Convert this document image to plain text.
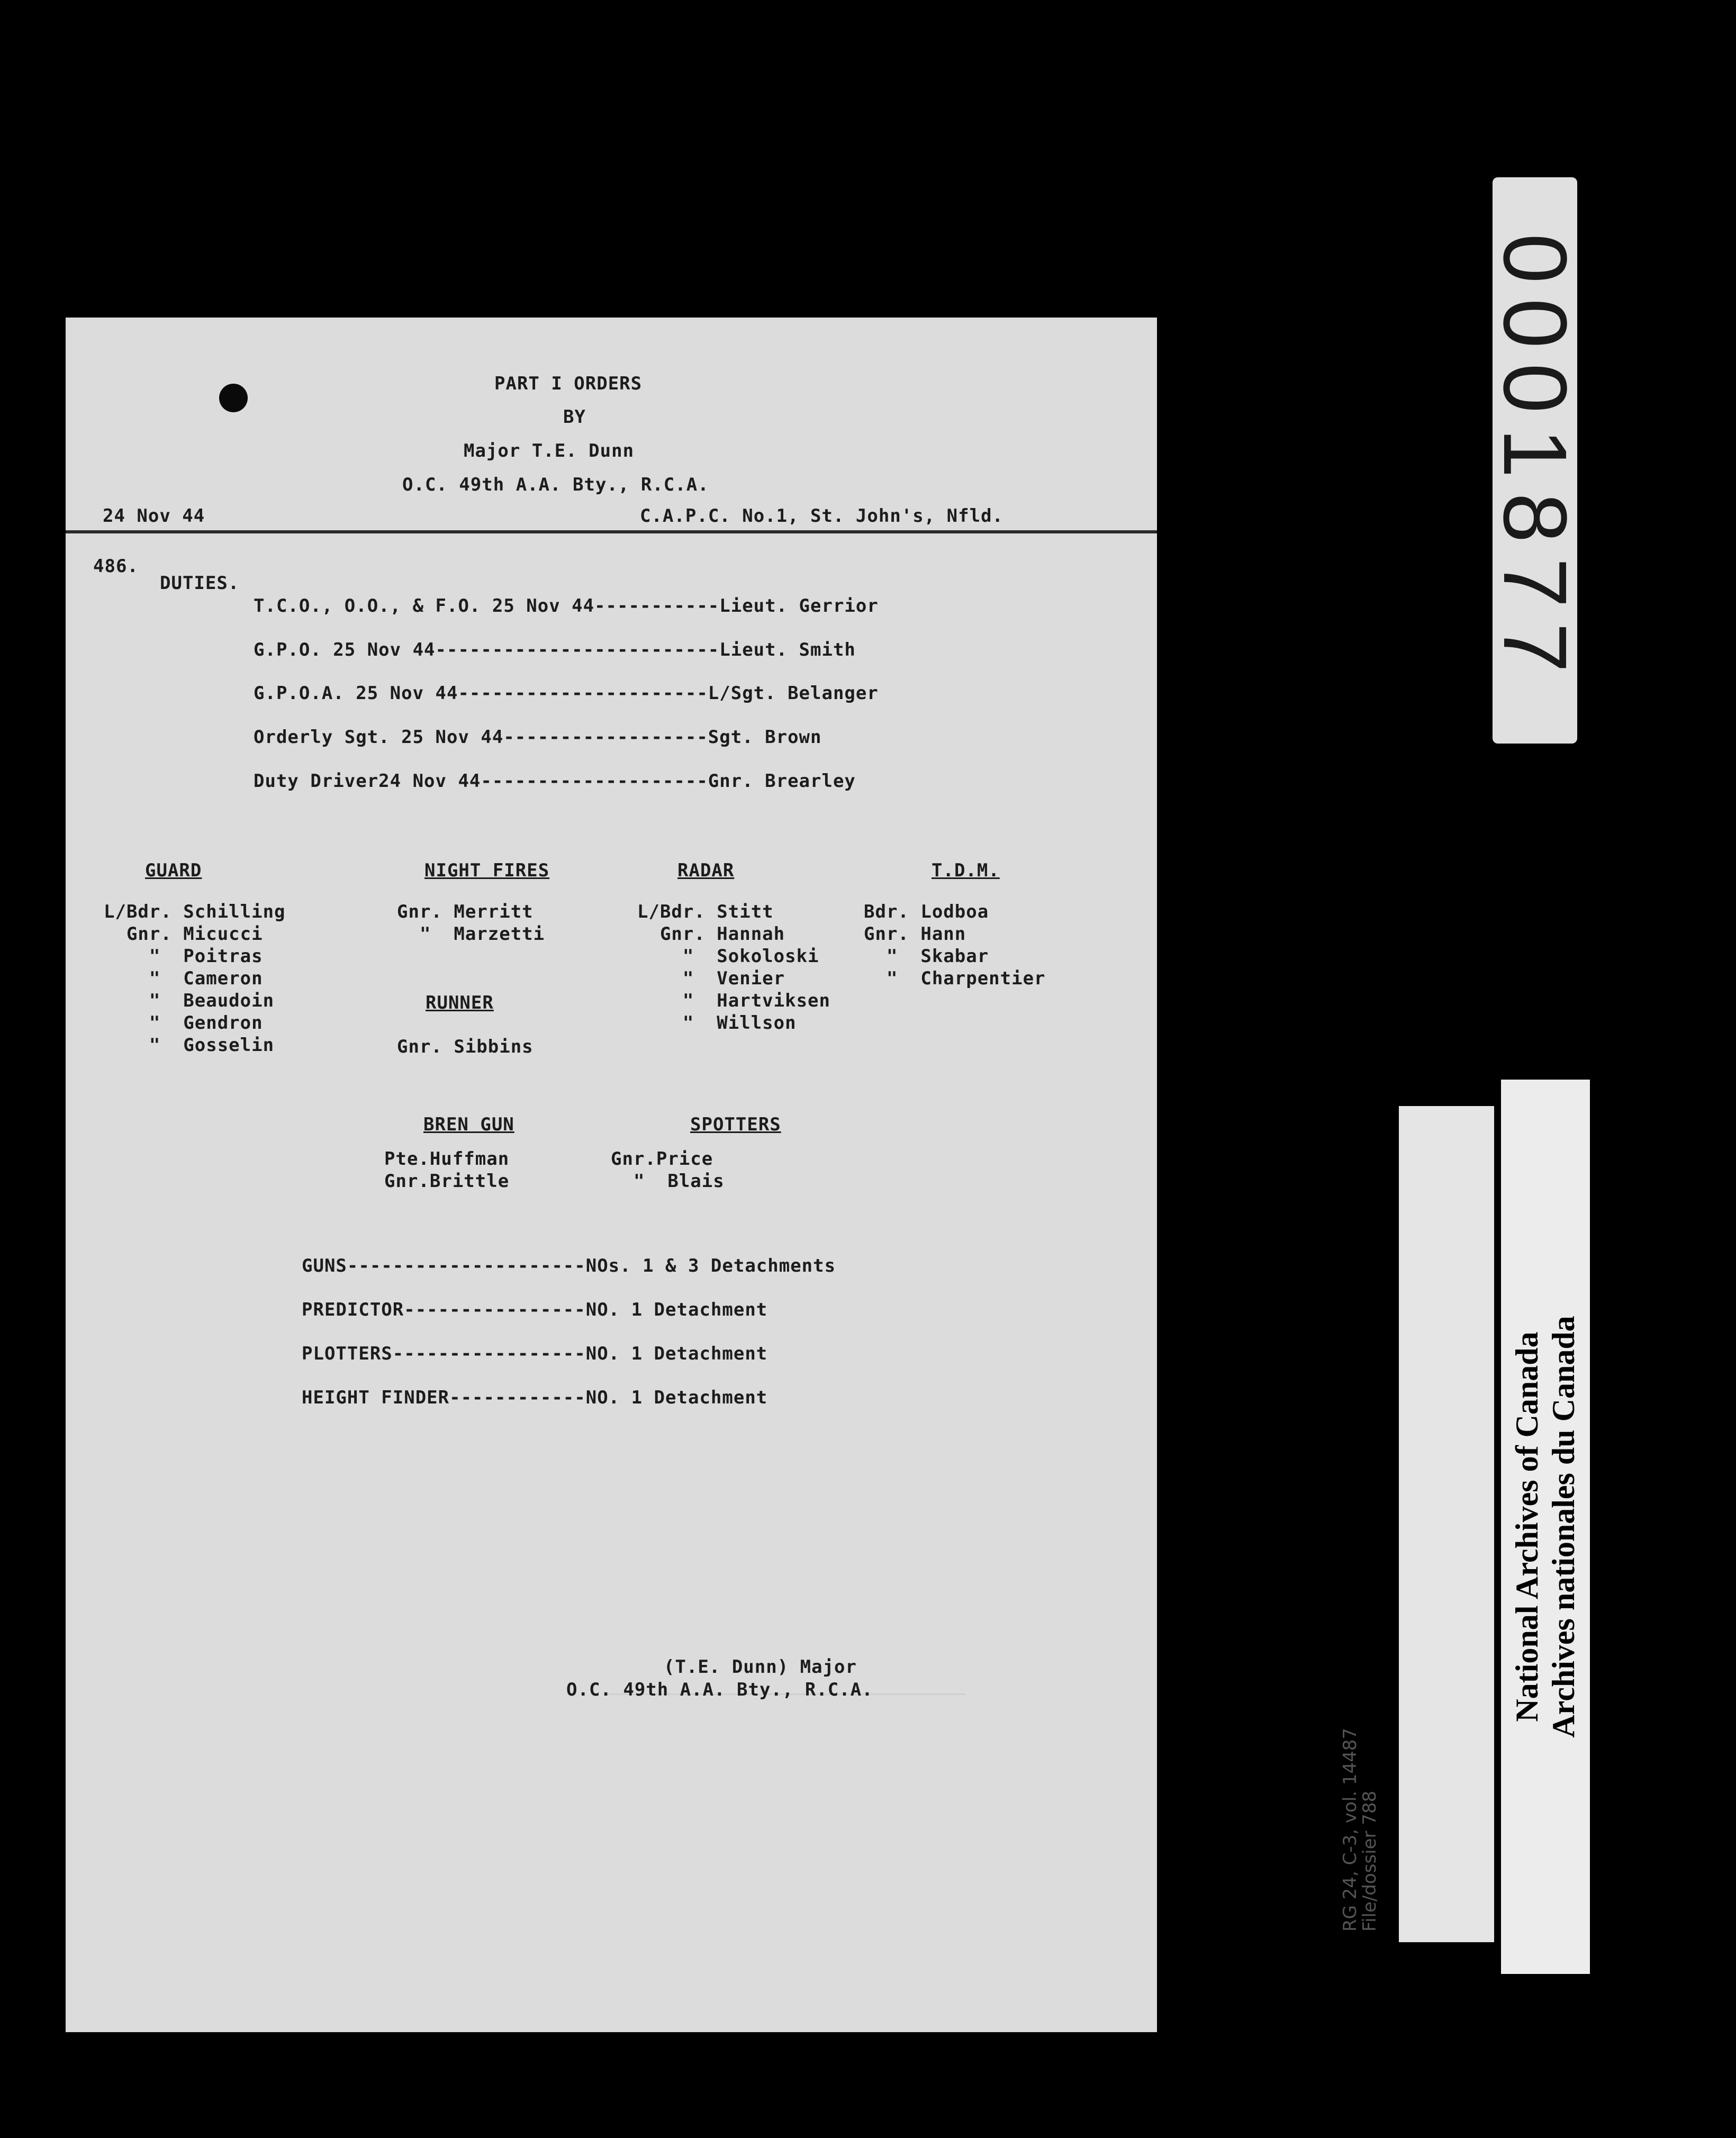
PART I ORDERS
BY
Major T.E. Dunn
O.C. 49th A.A. Bty., R.C.A.
24 Nov 44	C.A.P.C. No.1, St. John's, Nfld.
486.
DUTIES.
T.C.O., O.O., & F.O. 25 Nov 44-----------Lieut. Gerrior
G.P.O. 25 Nov 44-------------------------Lieut. Smith
G.P.O.A. 25 Nov 44----------------------L/Sgt. Belanger
Orderly Sgt. 25 Nov 44------------------Sgt. Brown
Duty Driver24 Nov 44--------------------Gnr. Brearley
GUARD
L/Bdr. Schilling
Gnr. Micucci
"  Poitras
"  Cameron
"  Beaudoin
"  Gendron
"  Gosselin
NIGHT FIRES
Gnr. Merritt
"  Marzetti
RUNNER
Gnr. Sibbins
RADAR
L/Bdr. Stitt
Gnr. Hannah
"  Sokoloski
"  Venier
"  Hartviksen
"  Willson
T.D.M.
Bdr. Lodboa
Gnr. Hann
"  Skabar
"  Charpentier
BREN GUN
Pte.Huffman
Gnr.Brittle
SPOTTERS
Gnr.Price
"  Blais
GUNS---------------------NOs. 1 & 3 Detachments
PREDICTOR----------------NO. 1 Detachment
PLOTTERS-----------------NO. 1 Detachment
HEIGHT FINDER------------NO. 1 Detachment
(T.E. Dunn) Major
O.C. 49th A.A. Bty., R.C.A.
0001877
RG 24, C-3, vol. 14487
File/dossier 788
National Archives of Canada Archives nationales du Canada
